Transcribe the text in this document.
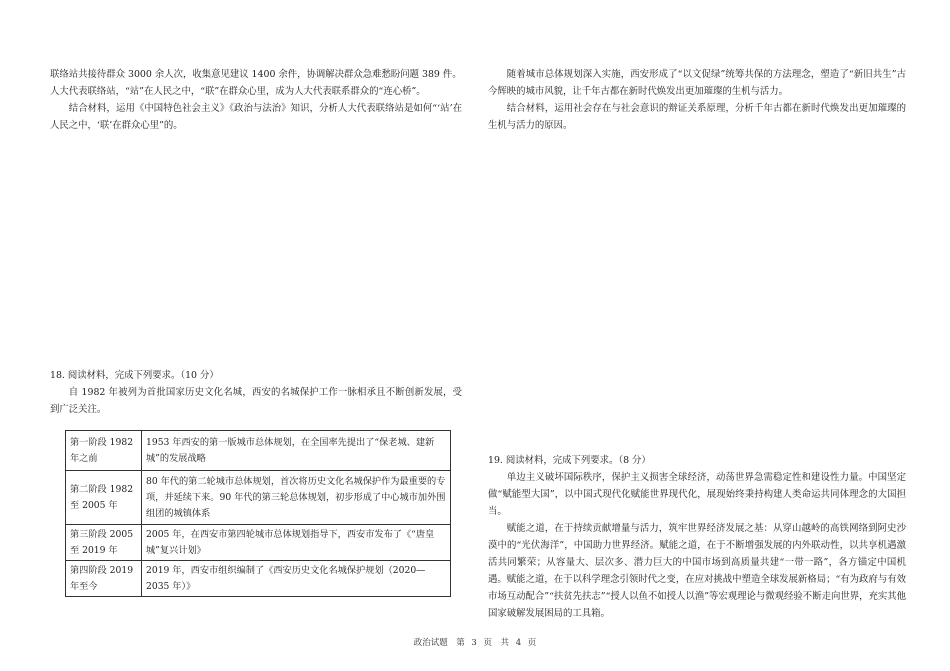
联络站共接待群众 3000 余人次，收集意见建议 1400 余件，协调解决群众急难愁盼问题 389 件。

人大代表联络站，“站”在人民之中，“联”在群众心里，成为人大代表联系群众的“连心桥”。

结合材料，运用《中国特色社会主义》《政治与法治》知识，分析人大代表联络站是如何“‘站’在人民之中，‘联’在群众心里”的。

18. 阅读材料，完成下列要求。（10 分）

自 1982 年被列为首批国家历史文化名城，西安的名城保护工作一脉相承且不断创新发展，受到广泛关注。

第一阶段 1982 年之前	1953 年西安的第一版城市总体规划，在全国率先提出了“保老城、建新城”的发展战略
第二阶段 1982 至 2005 年	80 年代的第二轮城市总体规划，首次将历史文化名城保护作为最重要的专项，并延续下来。90 年代的第三轮总体规划，初步形成了中心城市加外围组团的城镇体系
第三阶段 2005 至 2019 年	2005 年，在西安市第四轮城市总体规划指导下，西安市发布了《“唐皇城”复兴计划》
第四阶段 2019 年至今	2019 年，西安市组织编制了《西安历史文化名城保护规划（2020—2035 年）》

随着城市总体规划深入实施，西安形成了“以文促绿”统筹共保的方法理念，塑造了“新旧共生”古今辉映的城市风貌，让千年古都在新时代焕发出更加璀璨的生机与活力。

结合材料，运用社会存在与社会意识的辩证关系原理，分析千年古都在新时代焕发出更加璀璨的生机与活力的原因。

19. 阅读材料，完成下列要求。（8 分）

单边主义破坏国际秩序，保护主义损害全球经济，动荡世界急需稳定性和建设性力量。中国坚定做“赋能型大国”，以中国式现代化赋能世界现代化，展现始终秉持构建人类命运共同体理念的大国担当。

赋能之道，在于持续贡献增量与活力，筑牢世界经济发展之基：从穿山越岭的高铁网络到阿史沙漠中的“光伏海洋”，中国助力世界经济。赋能之道，在于不断增强发展的内外联动性，以共享机遇激活共同繁荣；从容量大、层次多、潜力巨大的中国市场到高质量共建“一带一路”，各方锚定中国机遇。赋能之道，在于以科学理念引领时代之变，在应对挑战中塑造全球发展新格局；“有为政府与有效市场互动配合”“扶贫先扶志”“授人以鱼不如授人以渔”等宏观理论与微观经验不断走向世界，充实其他国家破解发展困局的工具箱。

政治试题　第 3 页　共 4 页
